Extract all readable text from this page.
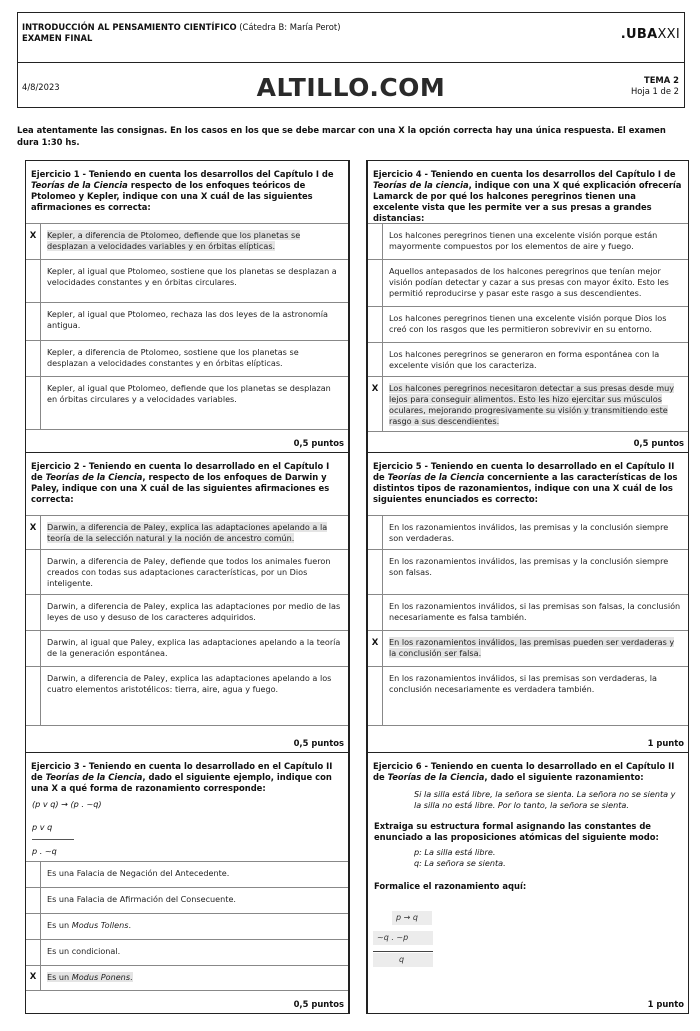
INTRODUCCIÓN AL PENSAMIENTO CIENTÍFICO (Cátedra B: María Perot)
EXAMEN FINAL	.UBAXXI
4/8/2023	ALTILLO.COM	TEMA 2
Hoja 1 de 2
Lea atentamente las consignas. En los casos en los que se debe marcar con una X la opción correcta hay una única respuesta. El examen dura 1:30 hs.
Ejercicio 1 - Teniendo en cuenta los desarrollos del Capítulo I de Teorías de la Ciencia respecto de los enfoques teóricos de Ptolomeo y Kepler, indique con una X cuál de las siguientes afirmaciones es correcta:
X	Kepler, a diferencia de Ptolomeo, defiende que los planetas se desplazan a velocidades variables y en órbitas elípticas.
Kepler, al igual que Ptolomeo, sostiene que los planetas se desplazan a velocidades constantes y en órbitas circulares.
Kepler, al igual que Ptolomeo, rechaza las dos leyes de la astronomía antigua.
Kepler, a diferencia de Ptolomeo, sostiene que los planetas se desplazan a velocidades constantes y en órbitas elípticas.
Kepler, al igual que Ptolomeo, defiende que los planetas se desplazan en órbitas circulares y a velocidades variables.
0,5 puntos
Ejercicio 2 - Teniendo en cuenta lo desarrollado en el Capítulo I de Teorías de la Ciencia, respecto de los enfoques de Darwin y Paley, indique con una X cuál de las siguientes afirmaciones es correcta:
X	Darwin, a diferencia de Paley, explica las adaptaciones apelando a la teoría de la selección natural y la noción de ancestro común.
Darwin, a diferencia de Paley, defiende que todos los animales fueron creados con todas sus adaptaciones características, por un Dios inteligente.
Darwin, a diferencia de Paley, explica las adaptaciones por medio de las leyes de uso y desuso de los caracteres adquiridos.
Darwin, al igual que Paley, explica las adaptaciones apelando a la teoría de la generación espontánea.
Darwin, a diferencia de Paley, explica las adaptaciones apelando a los cuatro elementos aristotélicos: tierra, aire, agua y fuego.
0,5 puntos
Ejercicio 3 - Teniendo en cuenta lo desarrollado en el Capítulo II de Teorías de la Ciencia, dado el siguiente ejemplo, indique con una X a qué forma de razonamiento corresponde:
(p v q) → (p . ~q)
p v q
p . ~q
Es una Falacia de Negación del Antecedente.
Es una Falacia de Afirmación del Consecuente.
Es un Modus Tollens.
Es un condicional.
X	Es un Modus Ponens.
0,5 puntos
Ejercicio 4 - Teniendo en cuenta los desarrollos del Capítulo I de Teorías de la ciencia, indique con una X qué explicación ofrecería Lamarck de por qué los halcones peregrinos tienen una excelente vista que les permite ver a sus presas a grandes distancias:
Los halcones peregrinos tienen una excelente visión porque están mayormente compuestos por los elementos de aire y fuego.
Aquellos antepasados de los halcones peregrinos que tenían mejor visión podían detectar y cazar a sus presas con mayor éxito. Esto les permitió reproducirse y pasar este rasgo a sus descendientes.
Los halcones peregrinos tienen una excelente visión porque Dios los creó con los rasgos que les permitieron sobrevivir en su entorno.
Los halcones peregrinos se generaron en forma espontánea con la excelente visión que los caracteriza.
X	Los halcones peregrinos necesitaron detectar a sus presas desde muy lejos para conseguir alimentos. Esto les hizo ejercitar sus músculos oculares, mejorando progresivamente su visión y transmitiendo este rasgo a sus descendientes.
0,5 puntos
Ejercicio 5 - Teniendo en cuenta lo desarrollado en el Capítulo II de Teorías de la Ciencia concerniente a las características de los distintos tipos de razonamientos, indique con una X cuál de los siguientes enunciados es correcto:
En los razonamientos inválidos, las premisas y la conclusión siempre son verdaderas.
En los razonamientos inválidos, las premisas y la conclusión siempre son falsas.
En los razonamientos inválidos, si las premisas son falsas, la conclusión necesariamente es falsa también.
X	En los razonamientos inválidos, las premisas pueden ser verdaderas y la conclusión ser falsa.
En los razonamientos inválidos, si las premisas son verdaderas, la conclusión necesariamente es verdadera también.
1 punto
Ejercicio 6 - Teniendo en cuenta lo desarrollado en el Capítulo II de Teorías de la Ciencia, dado el siguiente razonamiento:
Si la silla está libre, la señora se sienta. La señora no se sienta y la silla no está libre. Por lo tanto, la señora se sienta.
Extraiga su estructura formal asignando las constantes de enunciado a las proposiciones atómicas del siguiente modo:
p: La silla está libre.
q: La señora se sienta.
Formalice el razonamiento aquí:
p → q
~q . ~p
q
1 punto
